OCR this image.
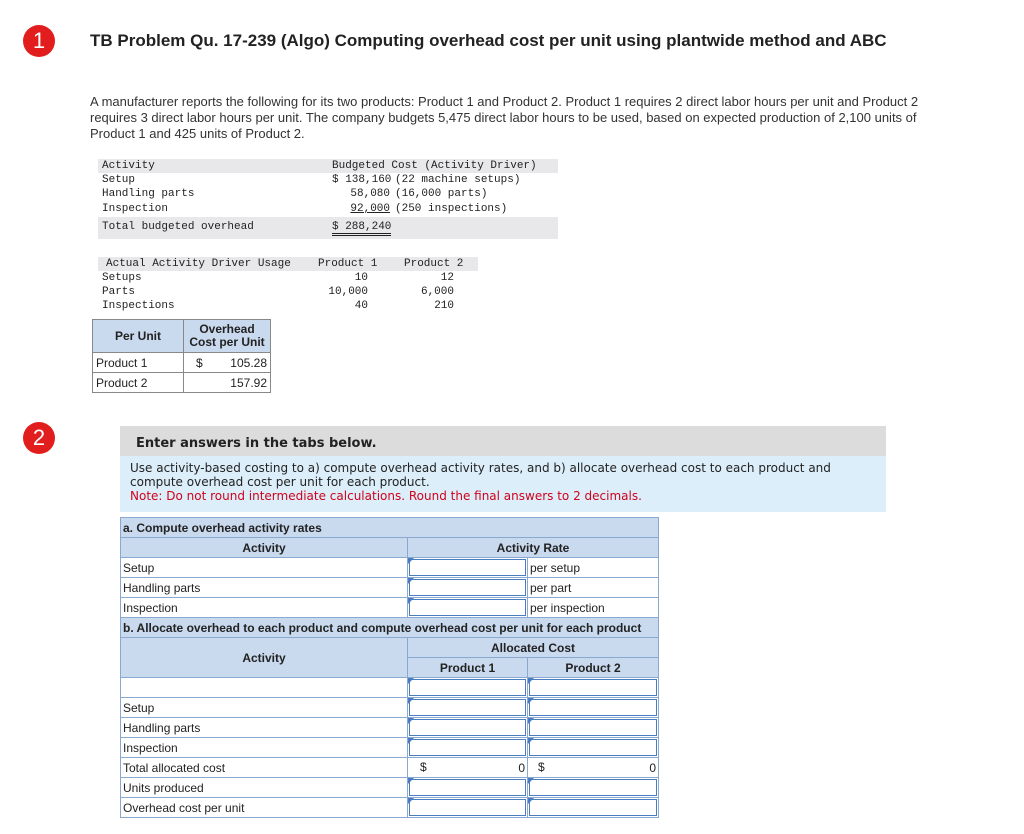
1
2
TB Problem Qu. 17-239 (Algo) Computing overhead cost per unit using plantwide method and ABC
A manufacturer reports the following for its two products: Product 1 and Product 2. Product 1 requires 2 direct labor hours per unit and Product 2 requires 3 direct labor hours per unit. The company budgets 5,475 direct labor hours to be used, based on expected production of 2,100 units of Product 1 and 425 units of Product 2.
Activity	Budgeted Cost (Activity Driver)
Setup	$ 138,160 (22 machine setups)
Handling parts	58,080 (16,000 parts)
Inspection	92,000 (250 inspections)
Total budgeted overhead	$ 288,240
Actual Activity Driver Usage Product 1 Product 2
Setups	10	12
Parts	10,000	6,000
Inspections	40	210
Per Unit	Overhead Cost per Unit
Product 1	$ 105.28

Product 2	157.92
Enter answers in the tabs below.
Use activity-based costing to a) compute overhead activity rates, and b) allocate overhead cost to each product and compute overhead cost per unit for each product.
Note: Do not round intermediate calculations. Round the final answers to 2 decimals.
a. Compute overhead activity rates		
Activity	Activity Rate	
Setup		per setup
Handling parts		per part
Inspection		per inspection
b. Allocate overhead to each product and compute overhead cost per unit for each product		
Activity	Allocated Cost	
	Product 1	Product 2

Setup	

Handling parts	

Inspection	

Total allocated cost	$ 0	$ 0

Units produced	

Overhead cost per unit	
